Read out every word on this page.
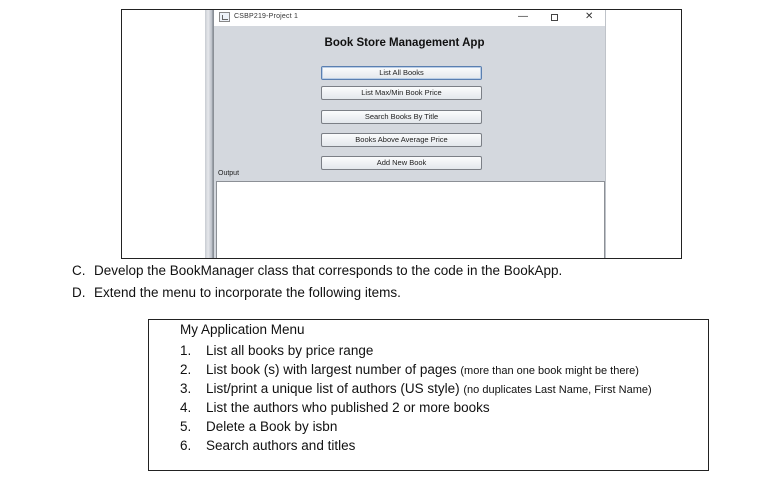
CSBP219-Project 1	—	✕
Book Store Management App
List All Books
List Max/Min Book Price
Search Books By Title
Books Above Average Price
Add New Book
Output
C. Develop the BookManager class that corresponds to the code in the BookApp.
D. Extend the menu to incorporate the following items.
My Application Menu
1. List all books by price range
2. List book (s) with largest number of pages (more than one book might be there)
3. List/print a unique list of authors (US style) (no duplicates Last Name, First Name)
4. List the authors who published 2 or more books
5. Delete a Book by isbn
6. Search authors and titles
